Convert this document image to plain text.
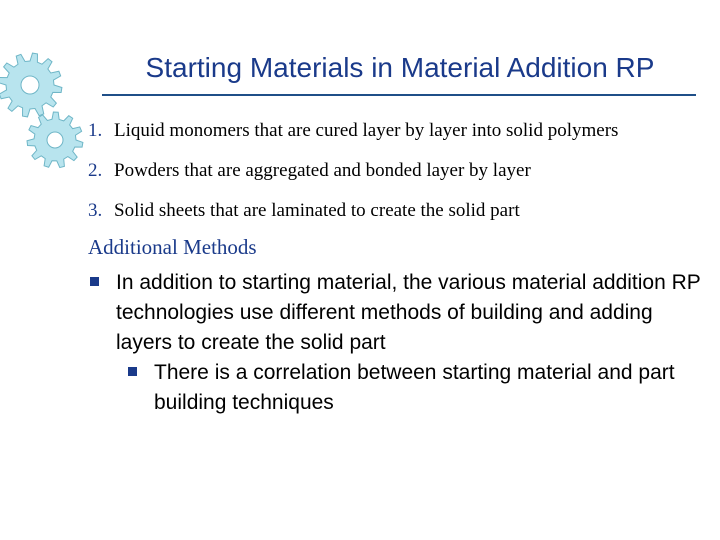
Starting Materials in Material Addition RP
1. Liquid monomers that are cured layer by layer into solid polymers
2. Powders that are aggregated and bonded layer by layer
3. Solid sheets that are laminated to create the solid part
Additional Methods
In addition to starting material, the various material addition RP technologies use different methods of building and adding layers to create the solid part
There is a correlation between starting material and part building techniques
